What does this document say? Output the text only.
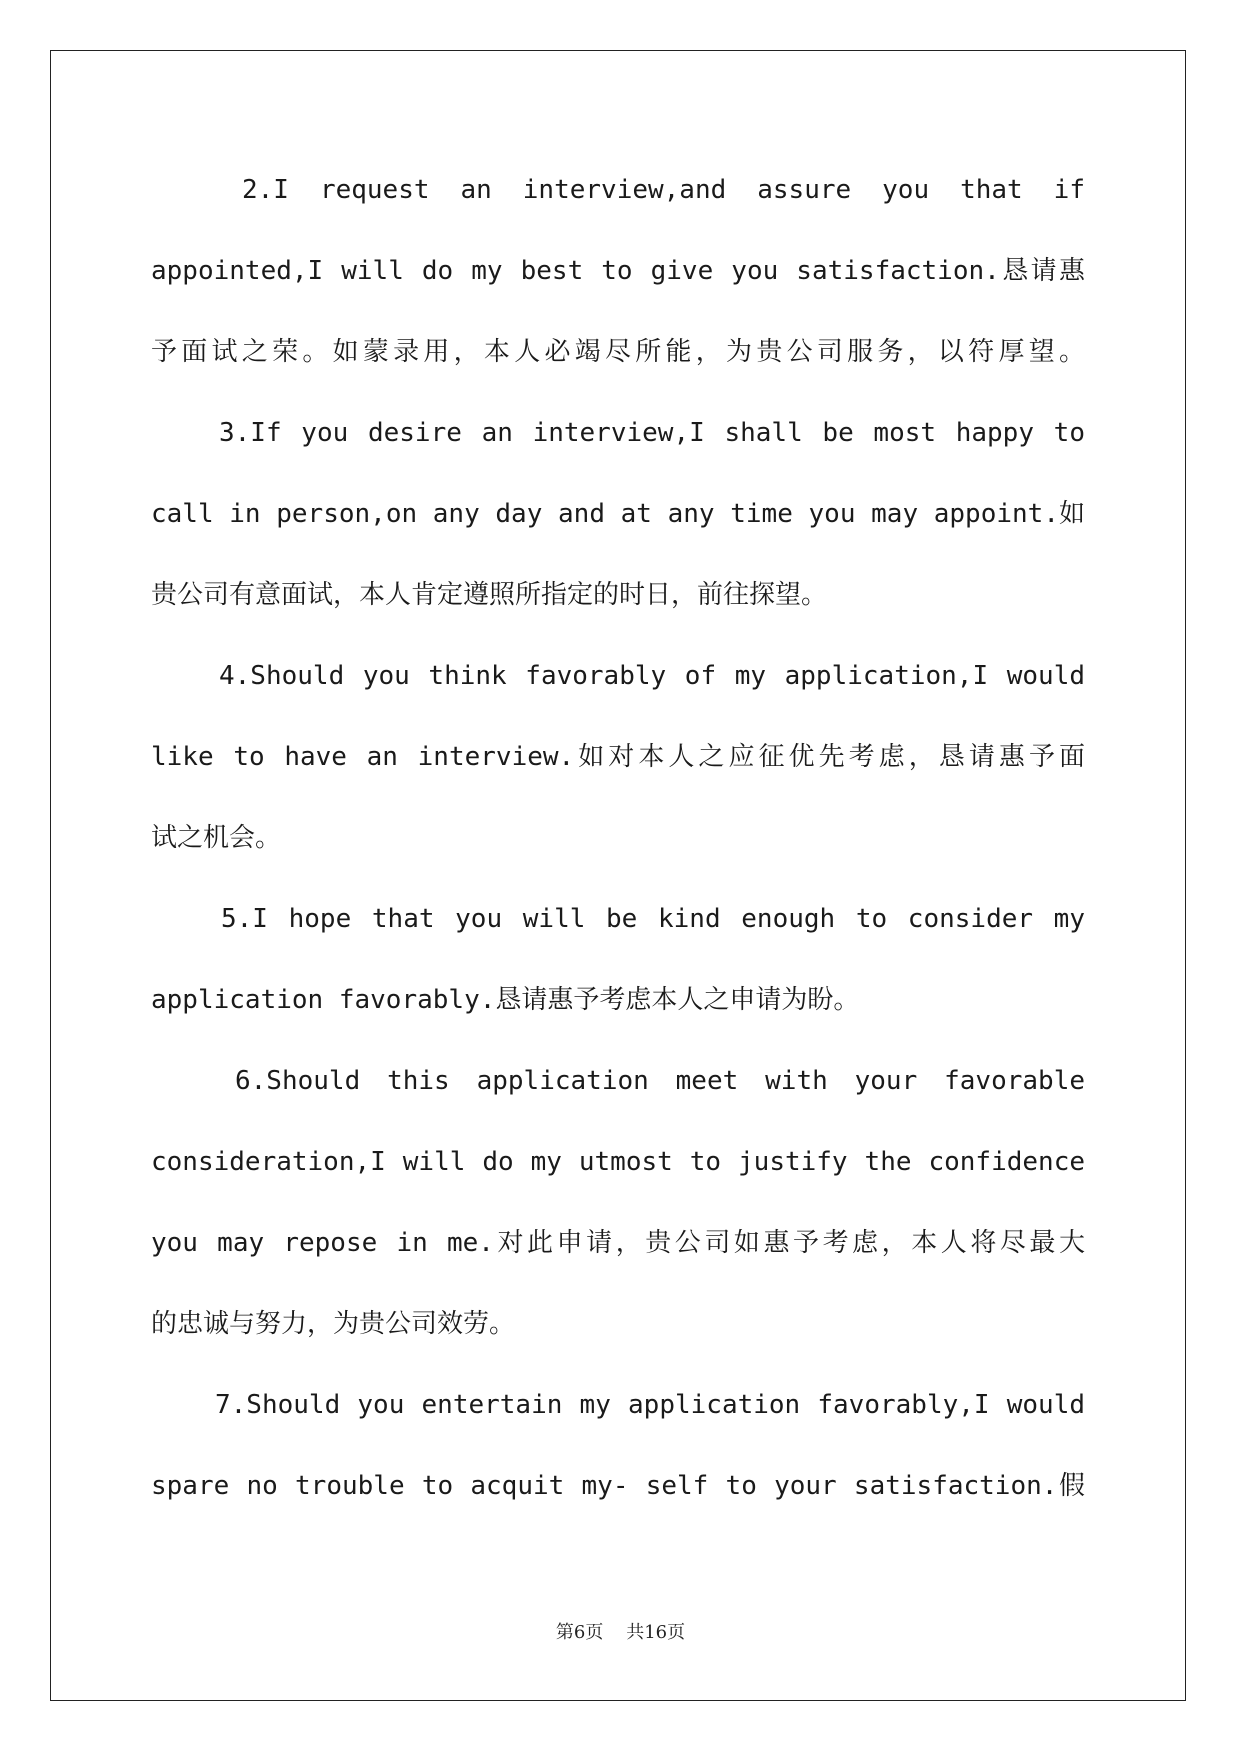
2.I request an interview,and assure you that if
appointed,I will do my best to give you satisfaction.恳请惠
予面试之荣。如蒙录用，本人必竭尽所能，为贵公司服务，以符厚望。
3.If you desire an interview,I shall be most happy to
call in person,on any day and at any time you may appoint.如
贵公司有意面试，本人肯定遵照所指定的时日，前往探望。
4.Should you think favorably of my application,I would
like to have an interview.如对本人之应征优先考虑，恳请惠予面
试之机会。
5.I hope that you will be kind enough to consider my
application favorably.恳请惠予考虑本人之申请为盼。
6.Should this application meet with your favorable
consideration,I will do my utmost to justify the confidence
you may repose in me.对此申请，贵公司如惠予考虑，本人将尽最大
的忠诚与努力，为贵公司效劳。
7.Should you entertain my application favorably,I would
spare no trouble to acquit my- self to your satisfaction.假
第6页 共16页
